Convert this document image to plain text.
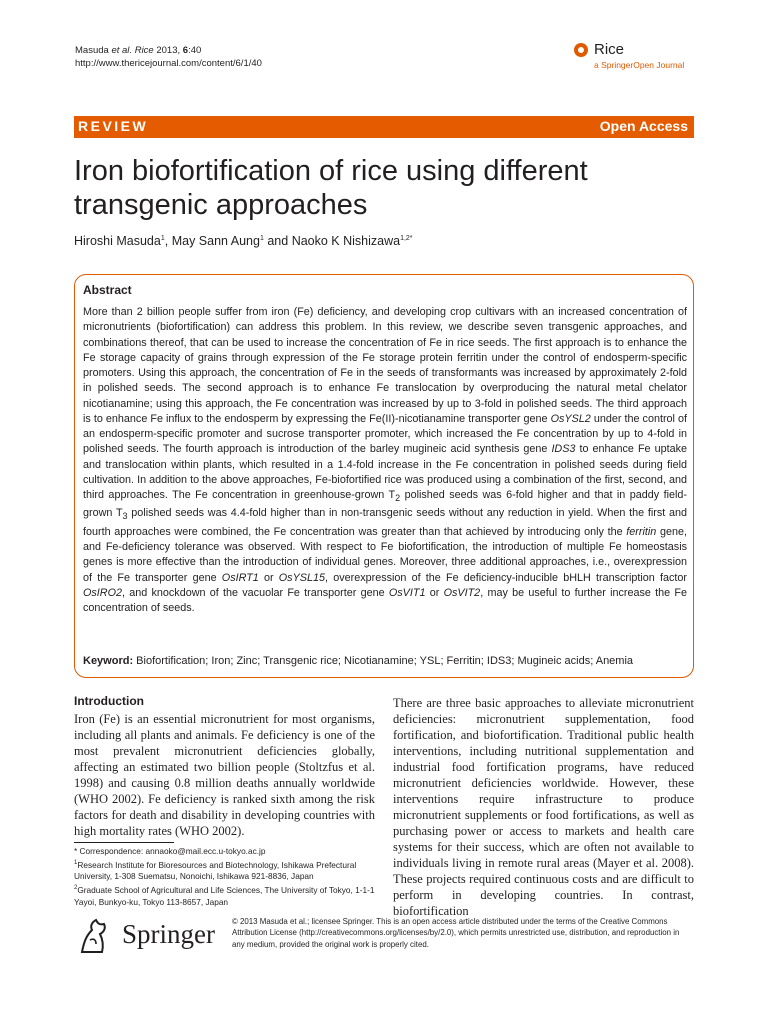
Masuda et al. Rice 2013, 6:40
http://www.thericejournal.com/content/6/1/40
Rice
a SpringerOpen Journal
REVIEW	Open Access
Iron biofortification of rice using different transgenic approaches
Hiroshi Masuda$^1$, May Sann Aung$^1$ and Naoko K Nishizawa$^{1,2*}$
Abstract
More than 2 billion people suffer from iron (Fe) deficiency, and developing crop cultivars with an increased concentration of micronutrients (biofortification) can address this problem. In this review, we describe seven transgenic approaches, and combinations thereof, that can be used to increase the concentration of Fe in rice seeds. The first approach is to enhance the Fe storage capacity of grains through expression of the Fe storage protein ferritin under the control of endosperm-specific promoters. Using this approach, the concentration of Fe in the seeds of transformants was increased by approximately 2-fold in polished seeds. The second approach is to enhance Fe translocation by overproducing the natural metal chelator nicotianamine; using this approach, the Fe concentration was increased by up to 3-fold in polished seeds. The third approach is to enhance Fe influx to the endosperm by expressing the Fe(II)-nicotianamine transporter gene OsYSL2 under the control of an endosperm-specific promoter and sucrose transporter promoter, which increased the Fe concentration by up to 4-fold in polished seeds. The fourth approach is introduction of the barley mugineic acid synthesis gene IDS3 to enhance Fe uptake and translocation within plants, which resulted in a 1.4-fold increase in the Fe concentration in polished seeds during field cultivation. In addition to the above approaches, Fe-biofortified rice was produced using a combination of the first, second, and third approaches. The Fe concentration in greenhouse-grown $T_2$ polished seeds was 6-fold higher and that in paddy field-grown $T_3$ polished seeds was 4.4-fold higher than in non-transgenic seeds without any reduction in yield. When the first and fourth approaches were combined, the Fe concentration was greater than that achieved by introducing only the ferritin gene, and Fe-deficiency tolerance was observed. With respect to Fe biofortification, the introduction of multiple Fe homeostasis genes is more effective than the introduction of individual genes. Moreover, three additional approaches, i.e., overexpression of the Fe transporter gene OsIRT1 or OsYSL15, overexpression of the Fe deficiency-inducible bHLH transcription factor OsIRO2, and knockdown of the vacuolar Fe transporter gene OsVIT1 or OsVIT2, may be useful to further increase the Fe concentration of seeds.
Keyword: Biofortification; Iron; Zinc; Transgenic rice; Nicotianamine; YSL; Ferritin; IDS3; Mugineic acids; Anemia
Introduction
Iron (Fe) is an essential micronutrient for most organisms, including all plants and animals. Fe deficiency is one of the most prevalent micronutrient deficiencies globally, affecting an estimated two billion people (Stoltzfus et al. 1998) and causing 0.8 million deaths annually worldwide (WHO 2002). Fe deficiency is ranked sixth among the risk factors for death and disability in developing countries with high mortality rates (WHO 2002).
There are three basic approaches to alleviate micronutrient deficiencies: micronutrient supplementation, food fortification, and biofortification. Traditional public health interventions, including nutritional supplementation and industrial food fortification programs, have reduced micronutrient deficiencies worldwide. However, these interventions require infrastructure to produce micronutrient supplements or food fortifications, as well as purchasing power or access to markets and health care systems for their success, which are often not available to individuals living in remote rural areas (Mayer et al. 2008). These projects required continuous costs and are difficult to perform in developing countries. In contrast, biofortification
* Correspondence: annaoko@mail.ecc.u-tokyo.ac.jp
$^1$Research Institute for Bioresources and Biotechnology, Ishikawa Prefectural University, 1-308 Suematsu, Nonoichi, Ishikawa 921-8836, Japan
$^2$Graduate School of Agricultural and Life Sciences, The University of Tokyo, 1-1-1 Yayoi, Bunkyo-ku, Tokyo 113-8657, Japan
Springer © 2013 Masuda et al.; licensee Springer. This is an open access article distributed under the terms of the Creative Commons Attribution License (http://creativecommons.org/licenses/by/2.0), which permits unrestricted use, distribution, and reproduction in any medium, provided the original work is properly cited.
